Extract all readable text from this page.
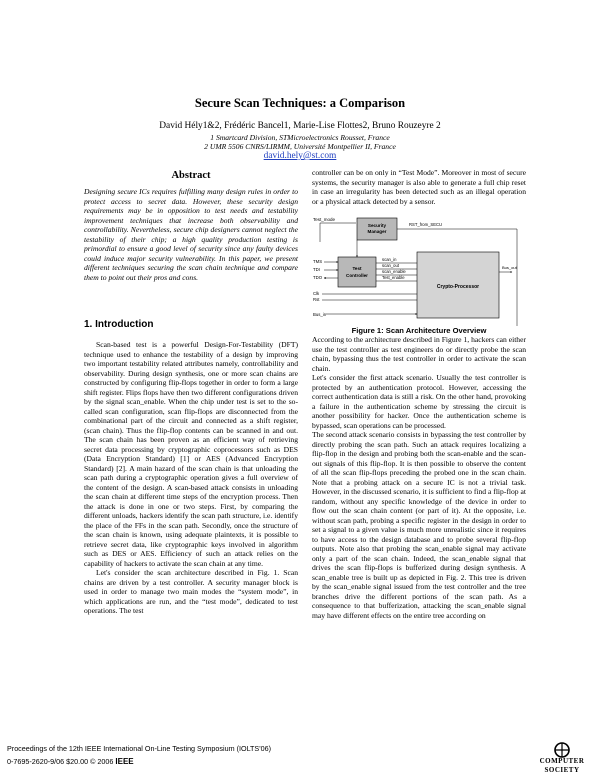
Secure Scan Techniques: a Comparison
David Hély1&2, Frédéric Bancel1, Marie-Lise Flottes2, Bruno Rouzeyre 2
1 Smartcard Division, STMicroelectronics Rousset, France
2 UMR 5506 CNRS/LIRMM, Université Montpellier II, France
david.hely@st.com
Abstract

Designing secure ICs requires fulfilling many design rules in order to protect access to secret data. However, these security design requirements may be in opposition to test needs and testability improvement techniques that increase both observability and controllability. Nevertheless, secure chip designers cannot neglect the testability of their chip; a high quality production testing is primordial to ensure a good level of security since any faulty devices could induce major security vulnerability. In this paper, we present different techniques securing the scan chain technique and compare them to point out their pros and cons.

1. Introduction

Scan-based test is a powerful Design-For-Testability (DFT) technique used to enhance the testability of a design by improving two important testability related attributes namely, controllability and observability. During design synthesis, one or more scan chains are constructed by configuring flip-flops together in order to form a large shift register. Flips flops have then two different configurations driven by the signal scan_enable. When the chip under test is set to the so-called scan configuration, scan flip-flops are disconnected from the combinational part of the circuit and connected as a shift register, (scan chain). Thus the flip-flop contents can be scanned in and out. The scan chain has been proven as an efficient way of retrieving secret data processing by cryptographic coprocessors such as DES (Data Encryption Standard) [1] or AES (Advanced Encryption Standard) [2]. A main hazard of the scan chain is that unloading the scan path during a cryptographic operation gives a full overview of the content of the design. A scan-based attack consists in unloading the scan chain at different time steps of the encryption process. Then the attack is done in one or two steps. First, by comparing the different unloads, hackers identify the scan path structure, i.e. identify the place of the FFs in the scan path. Secondly, once the structure of the scan chain is known, using adequate plaintexts, it is possible to retrieve secret data, like cryptographic keys involved in algorithm such as DES or AES. Efficiency of such an attack relies on the capability of hackers to activate the scan chain at any time.

Let's consider the scan architecture described in Fig. 1. Scan chains are driven by a test controller. A security manager block is used in order to manage two main modes the “system mode”, in which applications are run, and the “test mode”, dedicated to test operations. The test

controller can be on only in “Test Mode”. Moreover in most of secure systems, the security manager is also able to generate a full chip reset in case an irregularity has been detected such as an illegal operation or a physical attack detected by a sensor.

Test_mode
Security
Manager
RST_from_SECU
Test
Controller
TMS
TDI
TDO
scan_in
scan_out
scan_enable
Test_enable
Crypto-Processor
Bus_out
Clk
Rst
Bus_in
Figure 1: Scan Architecture Overview

According to the architecture described in Figure 1, hackers can either use the test controller as test engineers do or directly probe the scan chain, bypassing thus the test controller in order to activate the scan chain.

Let's consider the first attack scenario. Usually the test controller is protected by an authentication protocol. However, accessing the correct authentication data is still a risk. On the other hand, provoking a failure in the authentication scheme by stressing the circuit is another possibility for hacker. Once the authentication scheme is bypassed, scan operations can be processed.

The second attack scenario consists in bypassing the test controller by directly probing the scan path. Such an attack requires localizing a flip-flop in the design and probing both the scan-enable and the scan-out signals of this flip-flop. It is then possible to observe the content of all the scan flip-flops preceding the probed one in the scan chain. Note that a probing attack on a secure IC is not a trivial task. However, in the discussed scenario, it is sufficient to find a flip-flop at random, without any specific knowledge of the device in order to flow out the scan chain content (or part of it). At the opposite, i.e. without scan path, probing a specific register in the design in order to set a signal to a given value is much more unrealistic since it requires to have access to the design database and to probe several flip-flop outputs. Note also that probing the scan_enable signal may activate only a part of the scan chain. Indeed, the scan_enable signal that drives the scan flip-flops is bufferized during design synthesis. A scan_enable tree is built up as depicted in Fig. 2. This tree is driven by the scan_enable signal issued from the test controller and the tree branches drive the different portions of the scan path. As a consequence to that bufferization, attacking the scan_enable signal may have different effects on the entire tree according on

Proceedings of the 12th IEEE International On-Line Testing Symposium (IOLTS'06)
0-7695-2620-9/06 $20.00 © 2006 IEEE	COMPUTER
SOCIETY
